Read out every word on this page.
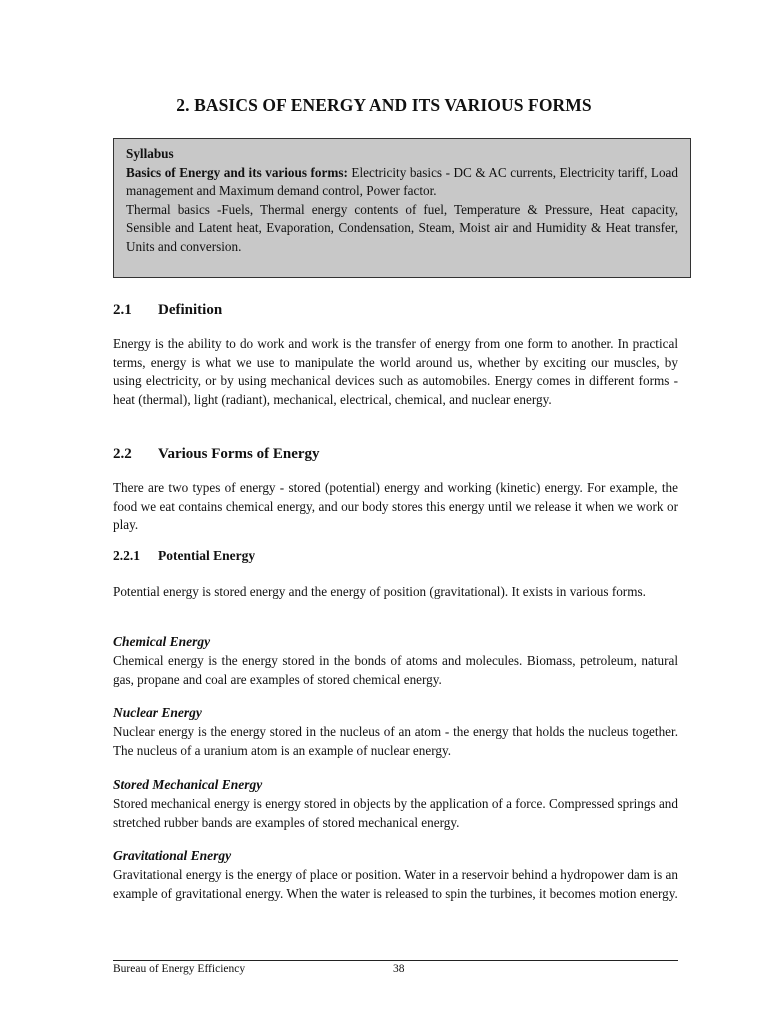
2. BASICS OF ENERGY AND ITS VARIOUS FORMS

Syllabus

Basics of Energy and its various forms: Electricity basics - DC & AC currents, Electricity tariff, Load management and Maximum demand control, Power factor.

Thermal basics -Fuels, Thermal energy contents of fuel, Temperature & Pressure, Heat capacity, Sensible and Latent heat, Evaporation, Condensation, Steam, Moist air and Humidity & Heat transfer, Units and conversion.

2.1 Definition

Energy is the ability to do work and work is the transfer of energy from one form to another. In practical terms, energy is what we use to manipulate the world around us, whether by exciting our muscles, by using electricity, or by using mechanical devices such as automobiles. Energy comes in different forms - heat (thermal), light (radiant), mechanical, electrical, chemical, and nuclear energy.

2.2 Various Forms of Energy

There are two types of energy - stored (potential) energy and working (kinetic) energy. For example, the food we eat contains chemical energy, and our body stores this energy until we release it when we work or play.

2.2.1 Potential Energy

Potential energy is stored energy and the energy of position (gravitational). It exists in various forms.

Chemical Energy

Chemical energy is the energy stored in the bonds of atoms and molecules. Biomass, petroleum, natural gas, propane and coal are examples of stored chemical energy.

Nuclear Energy

Nuclear energy is the energy stored in the nucleus of an atom - the energy that holds the nucleus together. The nucleus of a uranium atom is an example of nuclear energy.

Stored Mechanical Energy

Stored mechanical energy is energy stored in objects by the application of a force. Compressed springs and stretched rubber bands are examples of stored mechanical energy.

Gravitational Energy

Gravitational energy is the energy of place or position. Water in a reservoir behind a hydropower dam is an example of gravitational energy. When the water is released to spin the turbines, it becomes motion energy.

Bureau of Energy Efficiency	38
